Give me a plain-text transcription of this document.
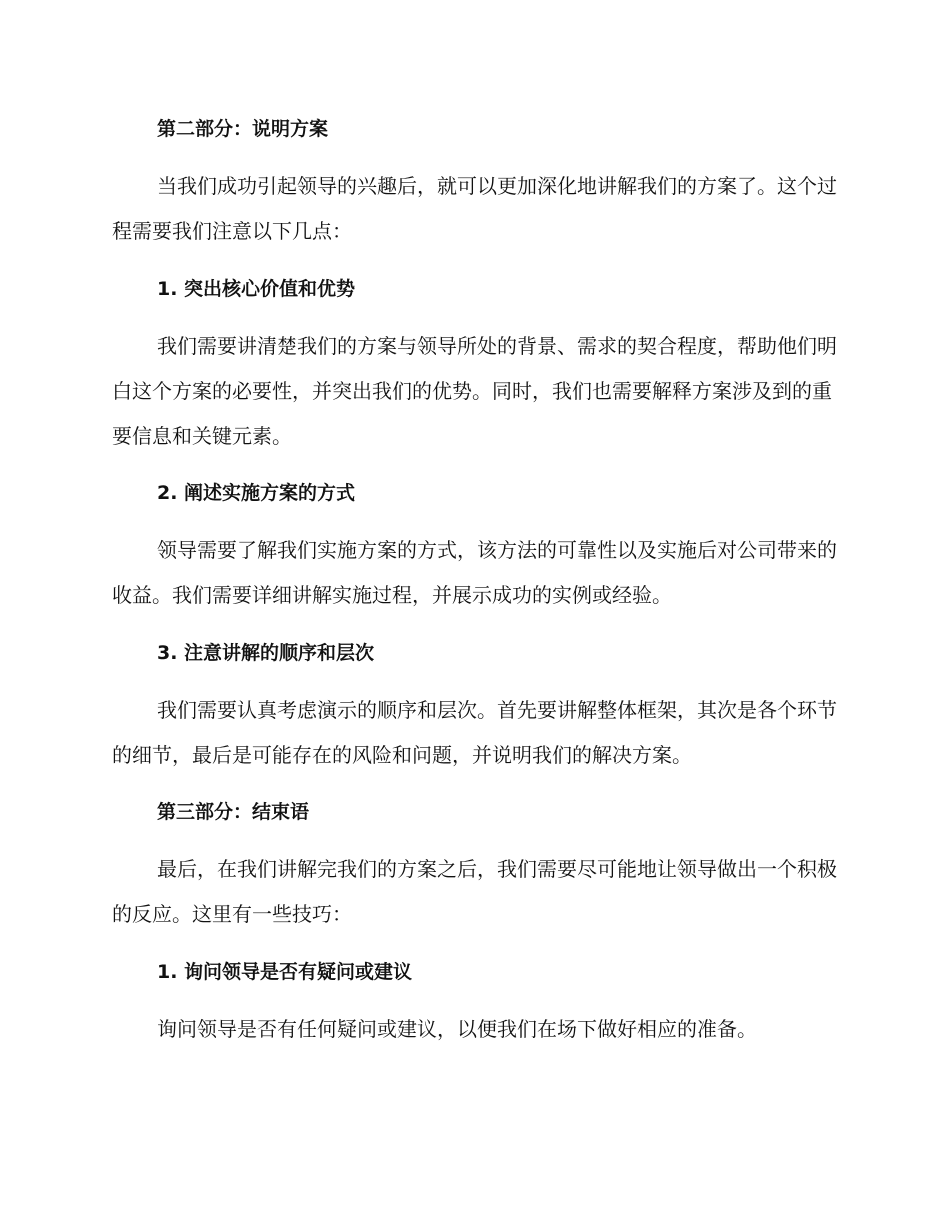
第二部分：说明方案

当我们成功引起领导的兴趣后，就可以更加深化地讲解我们的方案了。这个过程需要我们注意以下几点：

1. 突出核心价值和优势

我们需要讲清楚我们的方案与领导所处的背景、需求的契合程度，帮助他们明白这个方案的必要性，并突出我们的优势。同时，我们也需要解释方案涉及到的重要信息和关键元素。

2. 阐述实施方案的方式

领导需要了解我们实施方案的方式，该方法的可靠性以及实施后对公司带来的收益。我们需要详细讲解实施过程，并展示成功的实例或经验。

3. 注意讲解的顺序和层次

我们需要认真考虑演示的顺序和层次。首先要讲解整体框架，其次是各个环节的细节，最后是可能存在的风险和问题，并说明我们的解决方案。

第三部分：结束语

最后，在我们讲解完我们的方案之后，我们需要尽可能地让领导做出一个积极的反应。这里有一些技巧：

1. 询问领导是否有疑问或建议

询问领导是否有任何疑问或建议，以便我们在场下做好相应的准备。
